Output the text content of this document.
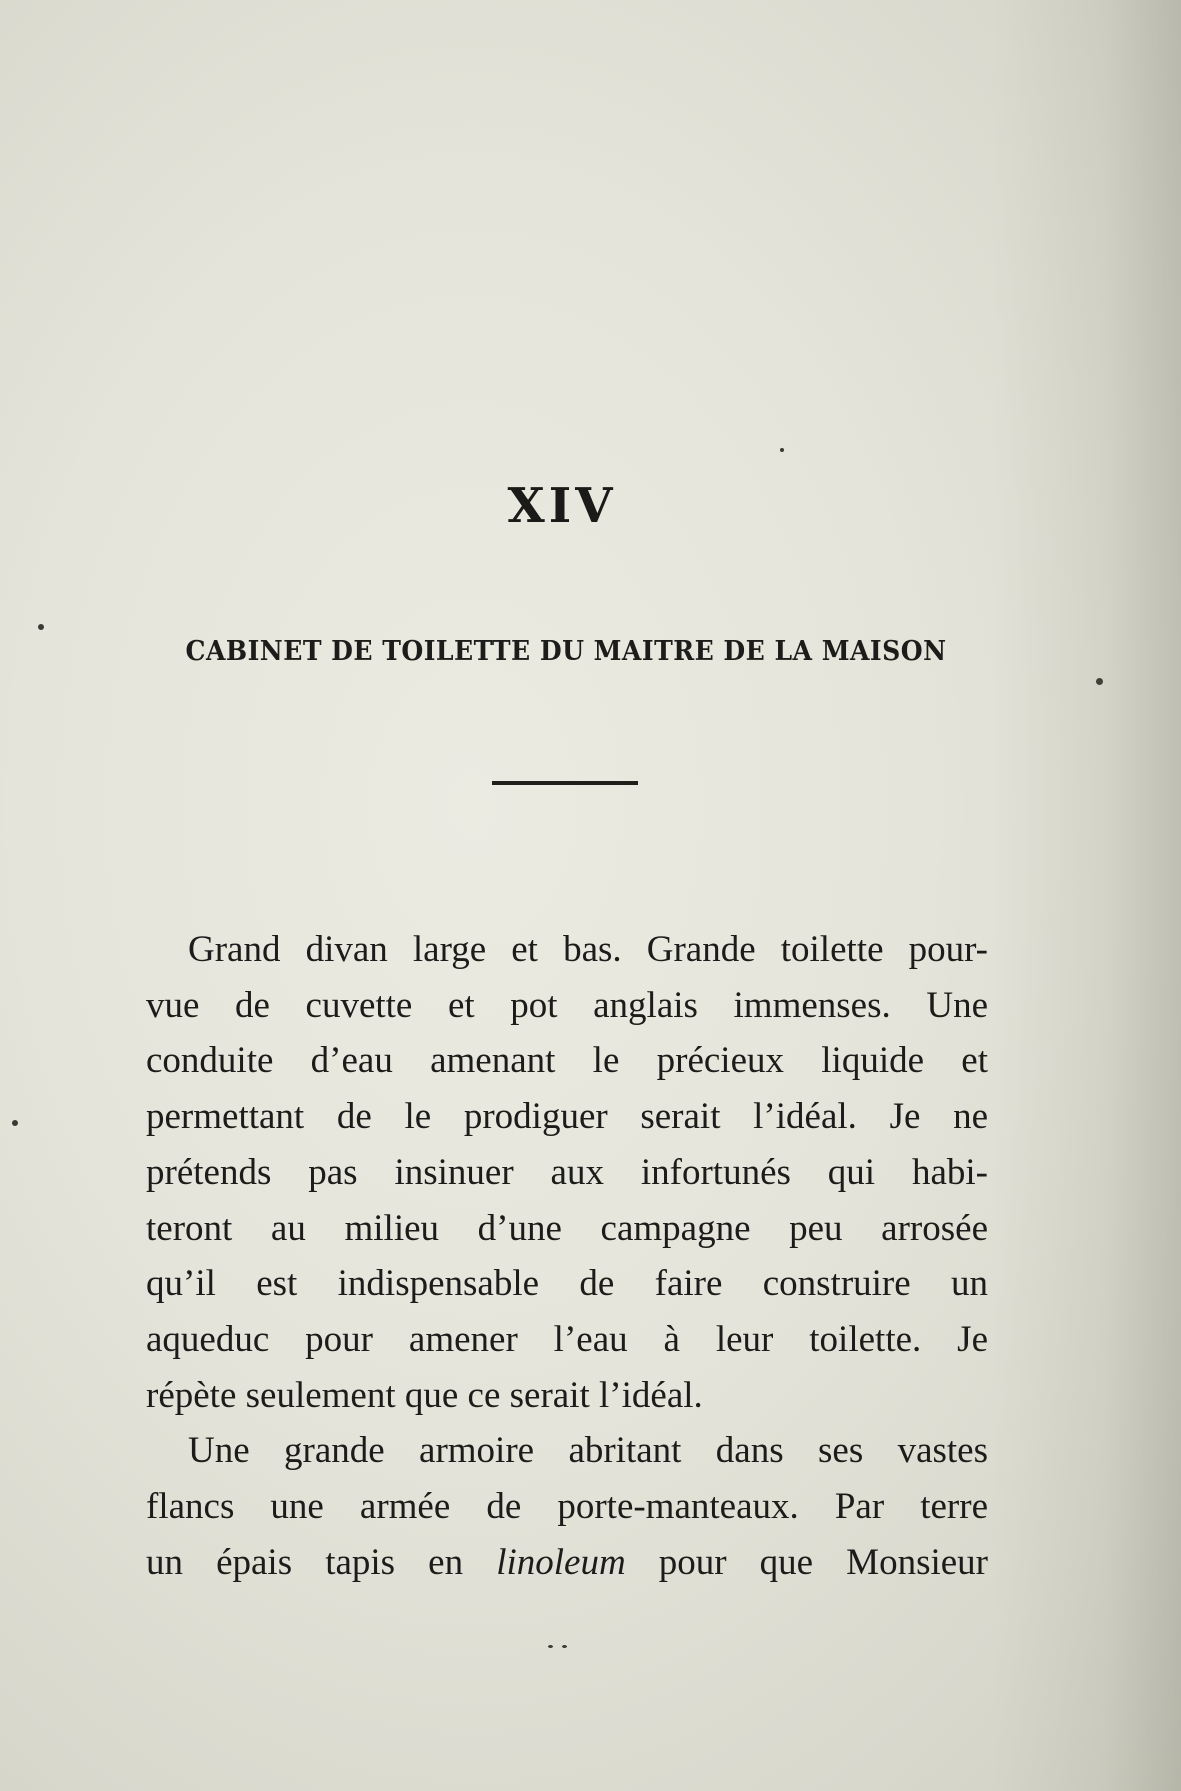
XIV
CABINET DE TOILETTE DU MAITRE DE LA MAISON
Grand divan large et bas. Grande toilette pour-
vue de cuvette et pot anglais immenses. Une
conduite d’eau amenant le précieux liquide et
permettant de le prodiguer serait l’idéal. Je ne
prétends pas insinuer aux infortunés qui habi-
teront au milieu d’une campagne peu arrosée
qu’il est indispensable de faire construire un
aqueduc pour amener l’eau à leur toilette. Je
répète seulement que ce serait l’idéal.
Une grande armoire abritant dans ses vastes
flancs une armée de porte-manteaux. Par terre
un épais tapis en linoleum pour que Monsieur
